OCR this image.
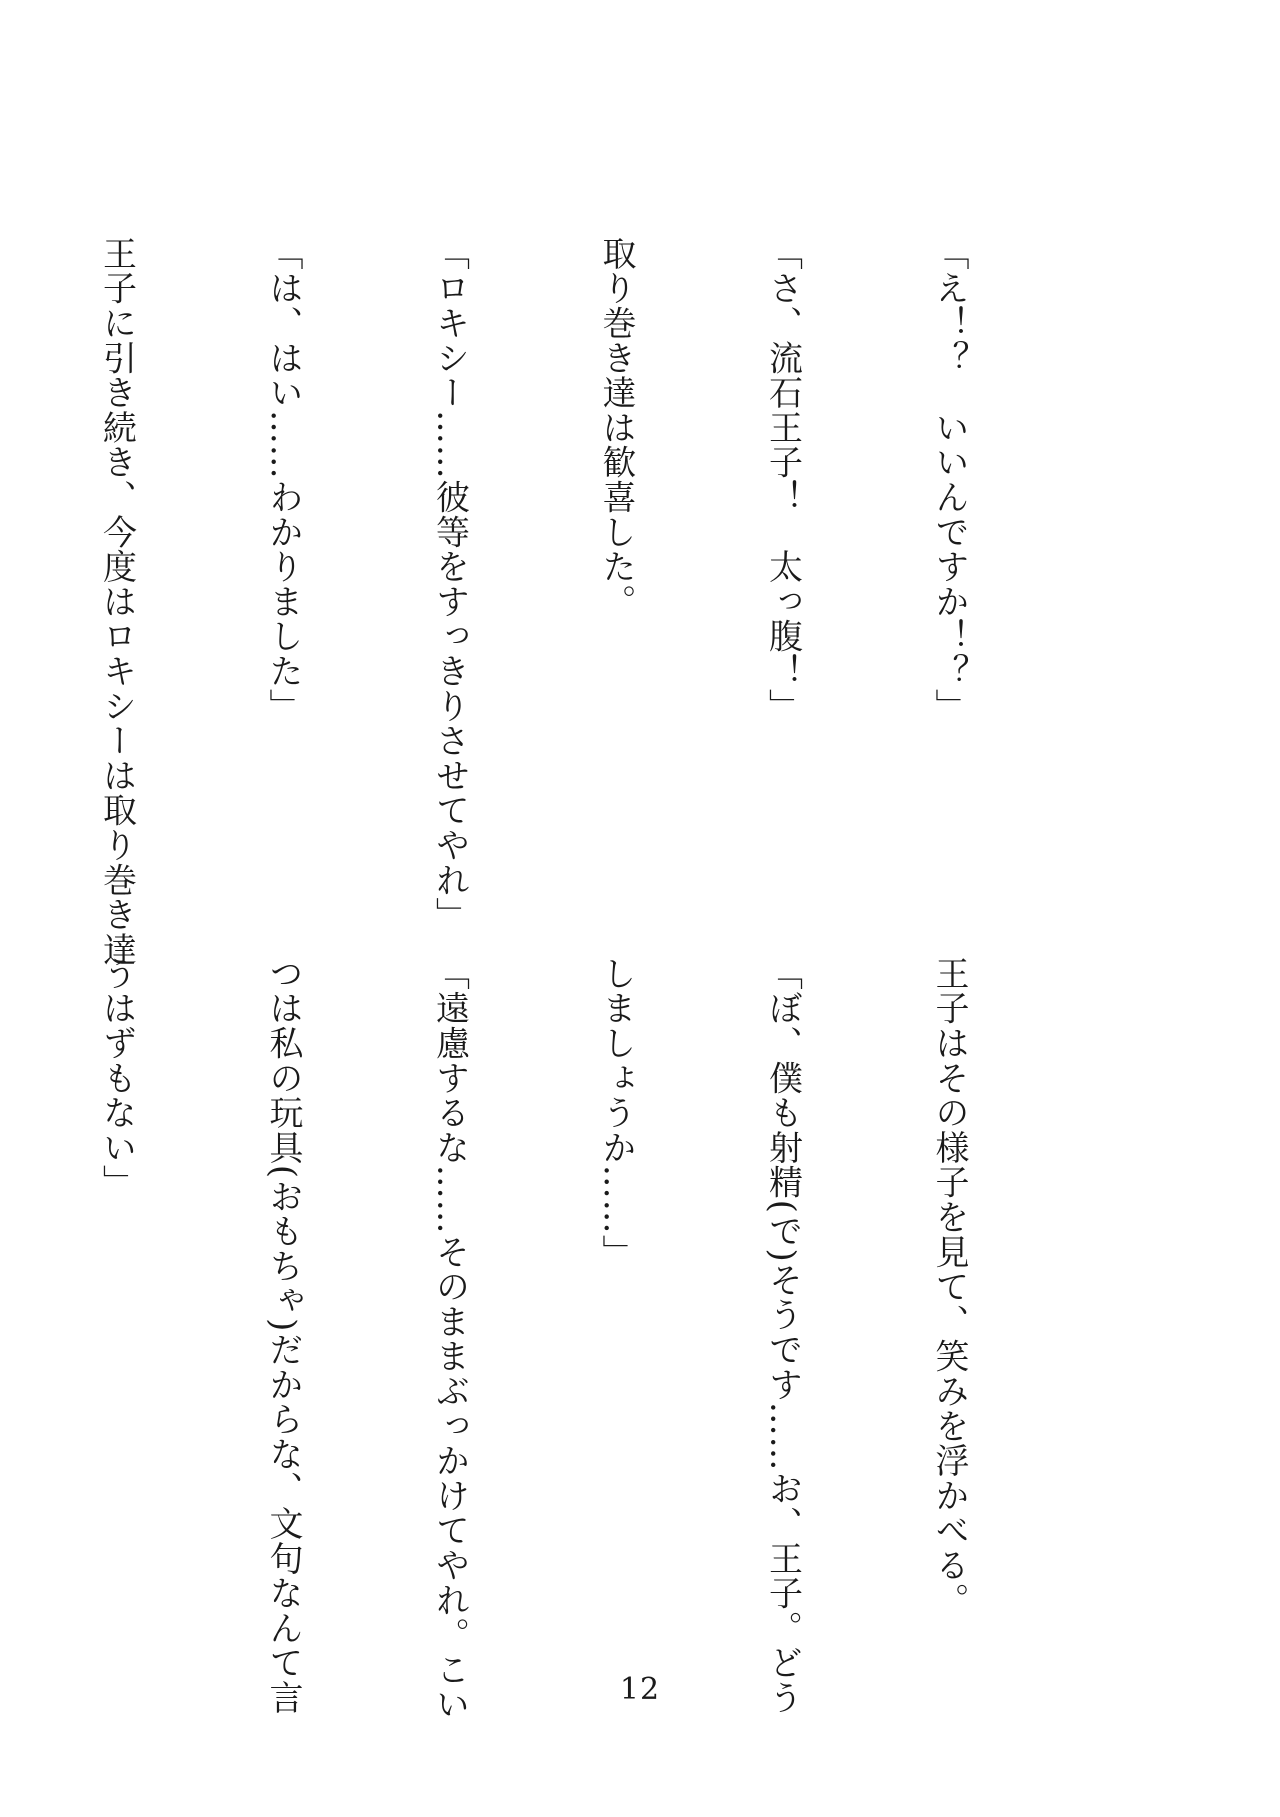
「え！？　いいんですか！？」

「さ、流石王子！　太っ腹！」

取り巻き達は歓喜した。

「ロキシー……彼等をすっきりさせてやれ」

「は、はい……わかりました」

王子に引き続き、今度はロキシーは取り巻き達

王子はその様子を見て、笑みを浮かべる。

「ぼ、僕も射精(で)そうです……お、王子。どう

しましょうか……」

「遠慮するな……そのままぶっかけてやれ。こい

つは私の玩具(おもちゃ)だからな、文句なんて言

うはずもない」

12
